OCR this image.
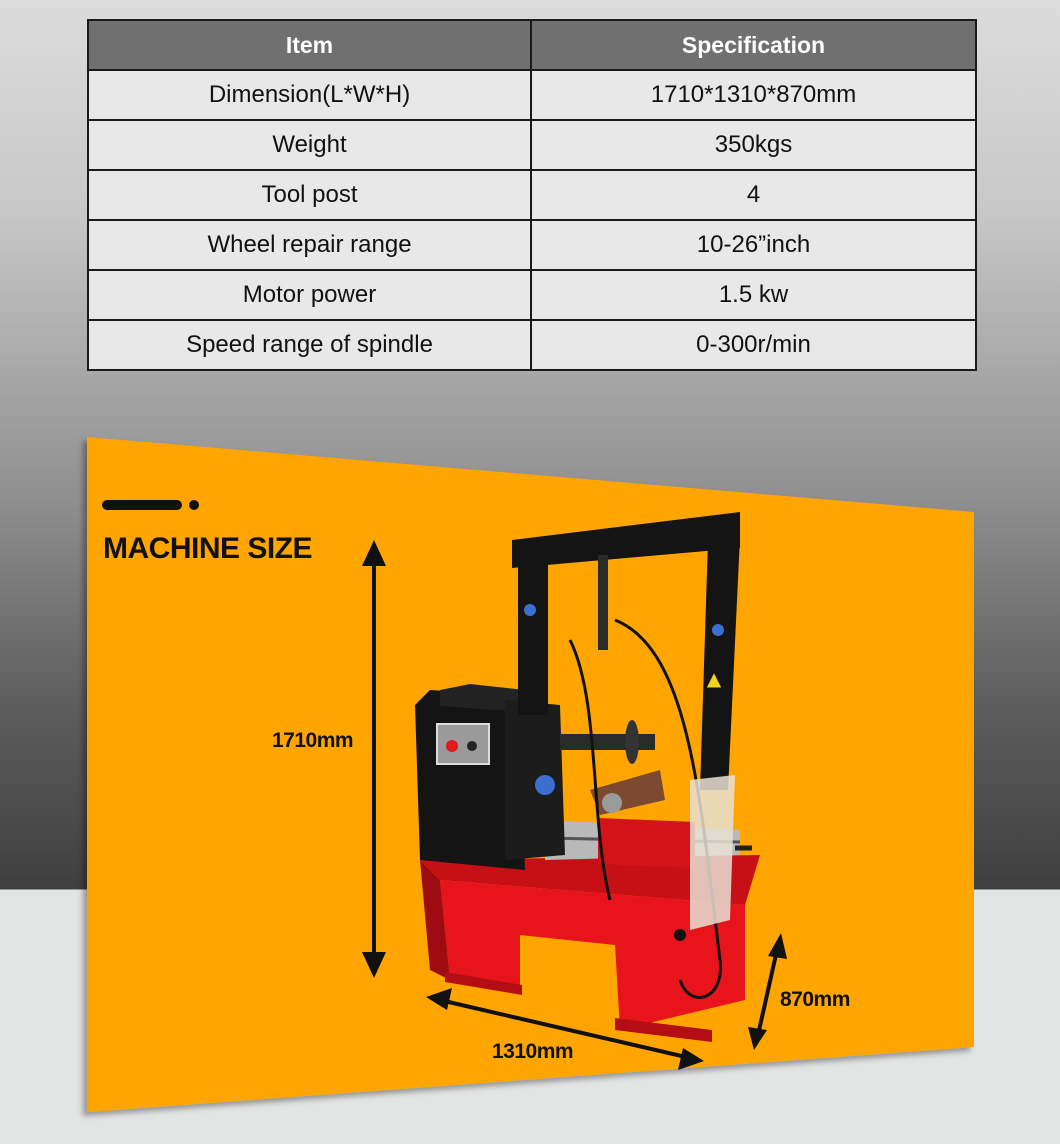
Item	Specification
Dimension(L*W*H)	1710*1310*870mm
Weight	350kgs
Tool post	4
Wheel repair range	10-26”inch
Motor power	1.5 kw
Speed range of spindle	0-300r/min
MACHINE SIZE
1710mm
1310mm
870mm
